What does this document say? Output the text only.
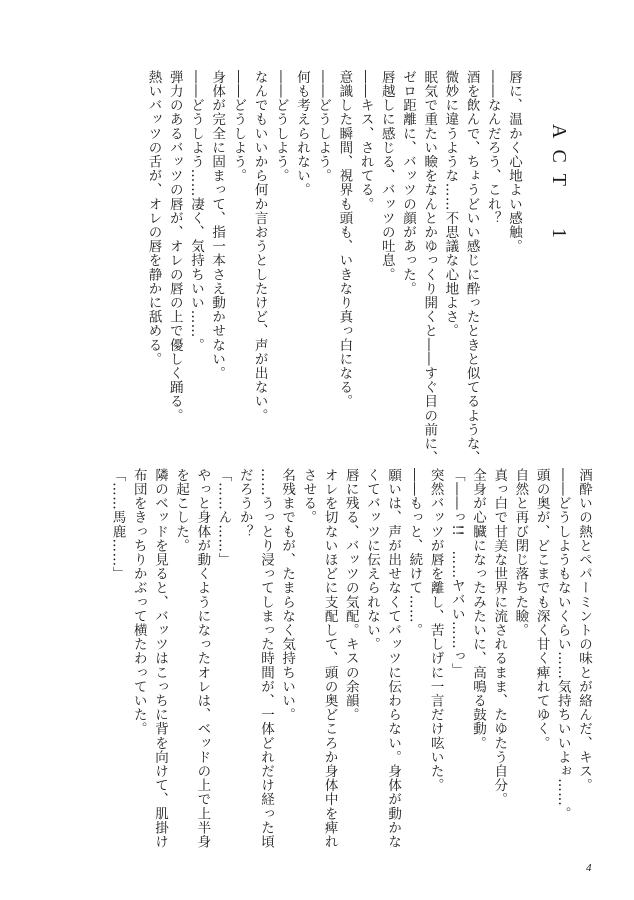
ACT　1
唇に、温かく心地よい感触。
――なんだろう、これ？
酒を飲んで、ちょうどいい感じに酔ったときと似てるような、
微妙に違うような……不思議な心地よさ。
眠気で重たい瞼をなんとかゆっくり開くと――すぐ目の前に、
ゼロ距離に、バッツの顔があった。
唇越しに感じる、バッツの吐息。
――キス、されてる。
意識した瞬間、視界も頭も、いきなり真っ白になる。
――どうしよう。
何も考えられない。
――どうしよう。
なんでもいいから何か言おうとしたけど、声が出ない。
――どうしよう。
身体が完全に固まって、指一本さえ動かせない。
――どうしよう……凄く、気持ちいい……。
弾力のあるバッツの唇が、オレの唇の上で優しく踊る。
熱いバッツの舌が、オレの唇を静かに舐める。
酒酔いの熱とペパーミントの味とが絡んだ、キス。
――どうしようもないくらい……気持ちいいよぉ……。
頭の奥が、どこまでも深く甘く痺れてゆく。
自然と再び閉じ落ちた瞼。
真っ白で甘美な世界に流されるまま、たゆたう自分。
全身が心臓になったみたいに、高鳴る鼓動。
「――っ!!　……ヤバい……っ」
突然バッツが唇を離し、苦しげに一言だけ呟いた。
――もっと、続けて……。
願いは、声が出せなくてバッツに伝わらない。身体が動かな
くてバッツに伝えられない。
唇に残る、バッツの気配。キスの余韻。
オレを切ないほどに支配して、頭の奥どころか身体中を痺れ
させる。
名残までもが、たまらなく気持ちいい。
……うっとり浸ってしまった時間が、一体どれだけ経った頃
だろうか？
「……ん……」
やっと身体が動くようになったオレは、ベッドの上で上半身
を起こした。
隣のベッドを見ると、バッツはこっちに背を向けて、肌掛け
布団をきっちりかぶって横たわっていた。
「……馬鹿……」
4
